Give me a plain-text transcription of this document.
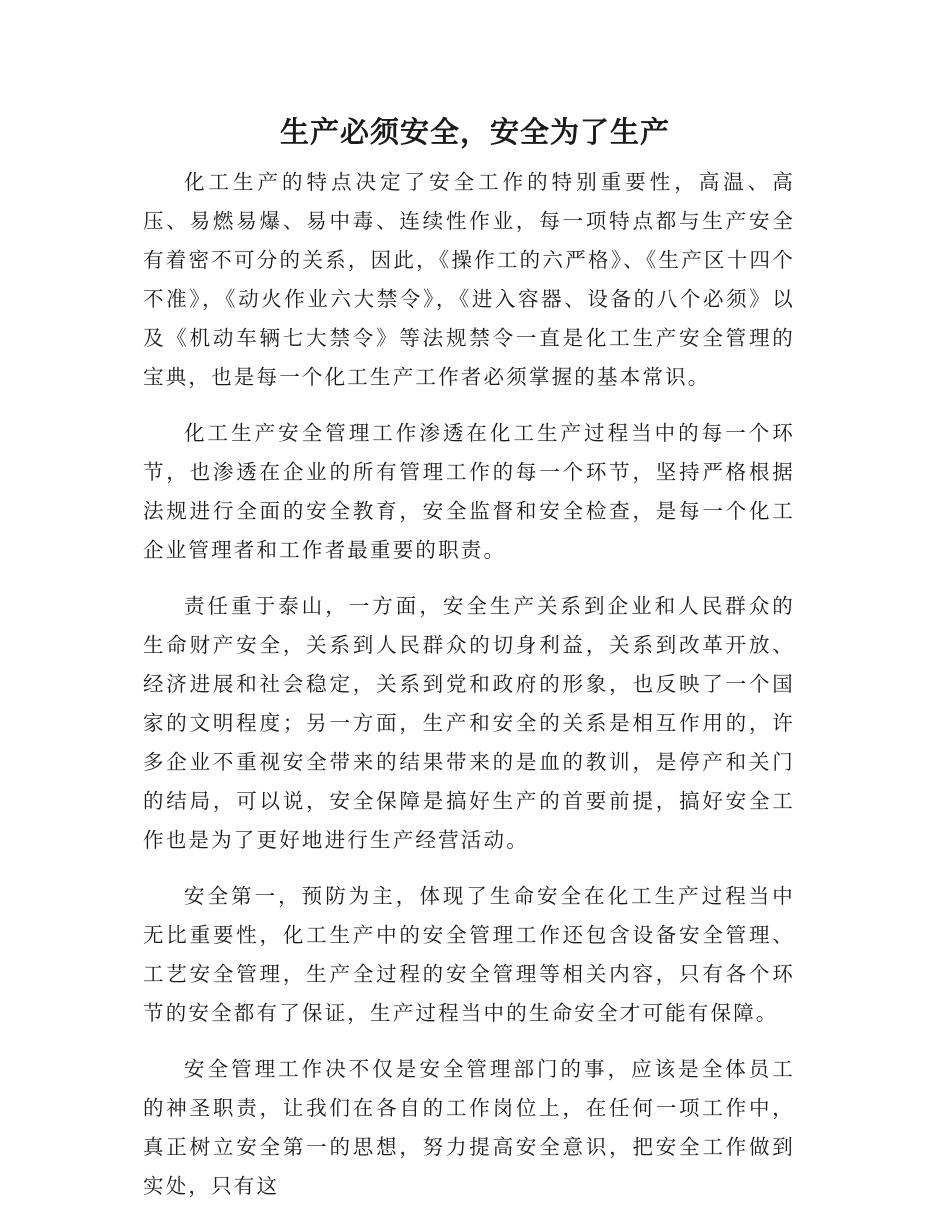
生产必须安全，安全为了生产

化工生产的特点决定了安全工作的特别重要性，高温、高压、易燃易爆、易中毒、连续性作业，每一项特点都与生产安全有着密不可分的关系，因此，《操作工的六严格》、《生产区十四个不准》，《动火作业六大禁令》，《进入容器、设备的八个必须》以及《机动车辆七大禁令》等法规禁令一直是化工生产安全管理的宝典，也是每一个化工生产工作者必须掌握的基本常识。

化工生产安全管理工作渗透在化工生产过程当中的每一个环节，也渗透在企业的所有管理工作的每一个环节，坚持严格根据法规进行全面的安全教育，安全监督和安全检查，是每一个化工企业管理者和工作者最重要的职责。

责任重于泰山，一方面，安全生产关系到企业和人民群众的生命财产安全，关系到人民群众的切身利益，关系到改革开放、经济进展和社会稳定，关系到党和政府的形象，也反映了一个国家的文明程度；另一方面，生产和安全的关系是相互作用的，许多企业不重视安全带来的结果带来的是血的教训，是停产和关门的结局，可以说，安全保障是搞好生产的首要前提，搞好安全工作也是为了更好地进行生产经营活动。

安全第一，预防为主，体现了生命安全在化工生产过程当中无比重要性，化工生产中的安全管理工作还包含设备安全管理、工艺安全管理，生产全过程的安全管理等相关内容，只有各个环节的安全都有了保证，生产过程当中的生命安全才可能有保障。

安全管理工作决不仅是安全管理部门的事，应该是全体员工的神圣职责，让我们在各自的工作岗位上，在任何一项工作中，真正树立安全第一的思想，努力提高安全意识，把安全工作做到实处，只有这
